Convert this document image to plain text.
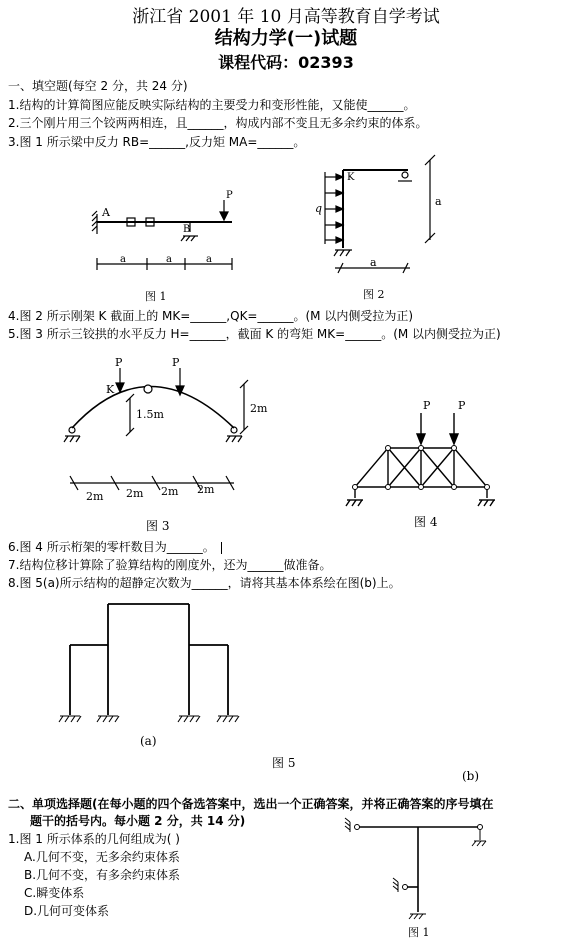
浙江省 2001 年 10 月高等教育自学考试
结构力学(一)试题
课程代码：02393
一、填空题(每空 2 分，共 24 分)
1.结构的计算简图应能反映实际结构的主要受力和变形性能，又能使______。
2.三个刚片用三个铰两两相连，且______，构成内部不变且无多余约束的体系。
3.图 1 所示梁中反力 RB=______,反力矩 MA=______。
A
B
P
a	a	a
图 1
K
q
a
a
图 2
4.图 2 所示刚架 K 截面上的 MK=______,QK=______。(M 以内侧受拉为正)
5.图 3 所示三铰拱的水平反力 H=______，截面 K 的弯矩 MK=______。(M 以内侧受拉为正)
K
P	P
1.5m	2m
2m 2m 2m 2m
图 3
P	P
图 4
6.图 4 所示桁架的零杆数目为______。
7.结构位移计算除了验算结构的刚度外，还为______做准备。
8.图 5(a)所示结构的超静定次数为______，请将其基本体系绘在图(b)上。
(a)
图 5
(b)
二、单项选择题(在每小题的四个备选答案中，选出一个正确答案，并将正确答案的序号填在
题干的括号内。每小题 2 分，共 14 分)
1.图 1 所示体系的几何组成为( )
A.几何不变，无多余约束体系
B.几何不变，有多余约束体系
C.瞬变体系
D.几何可变体系
图 1
